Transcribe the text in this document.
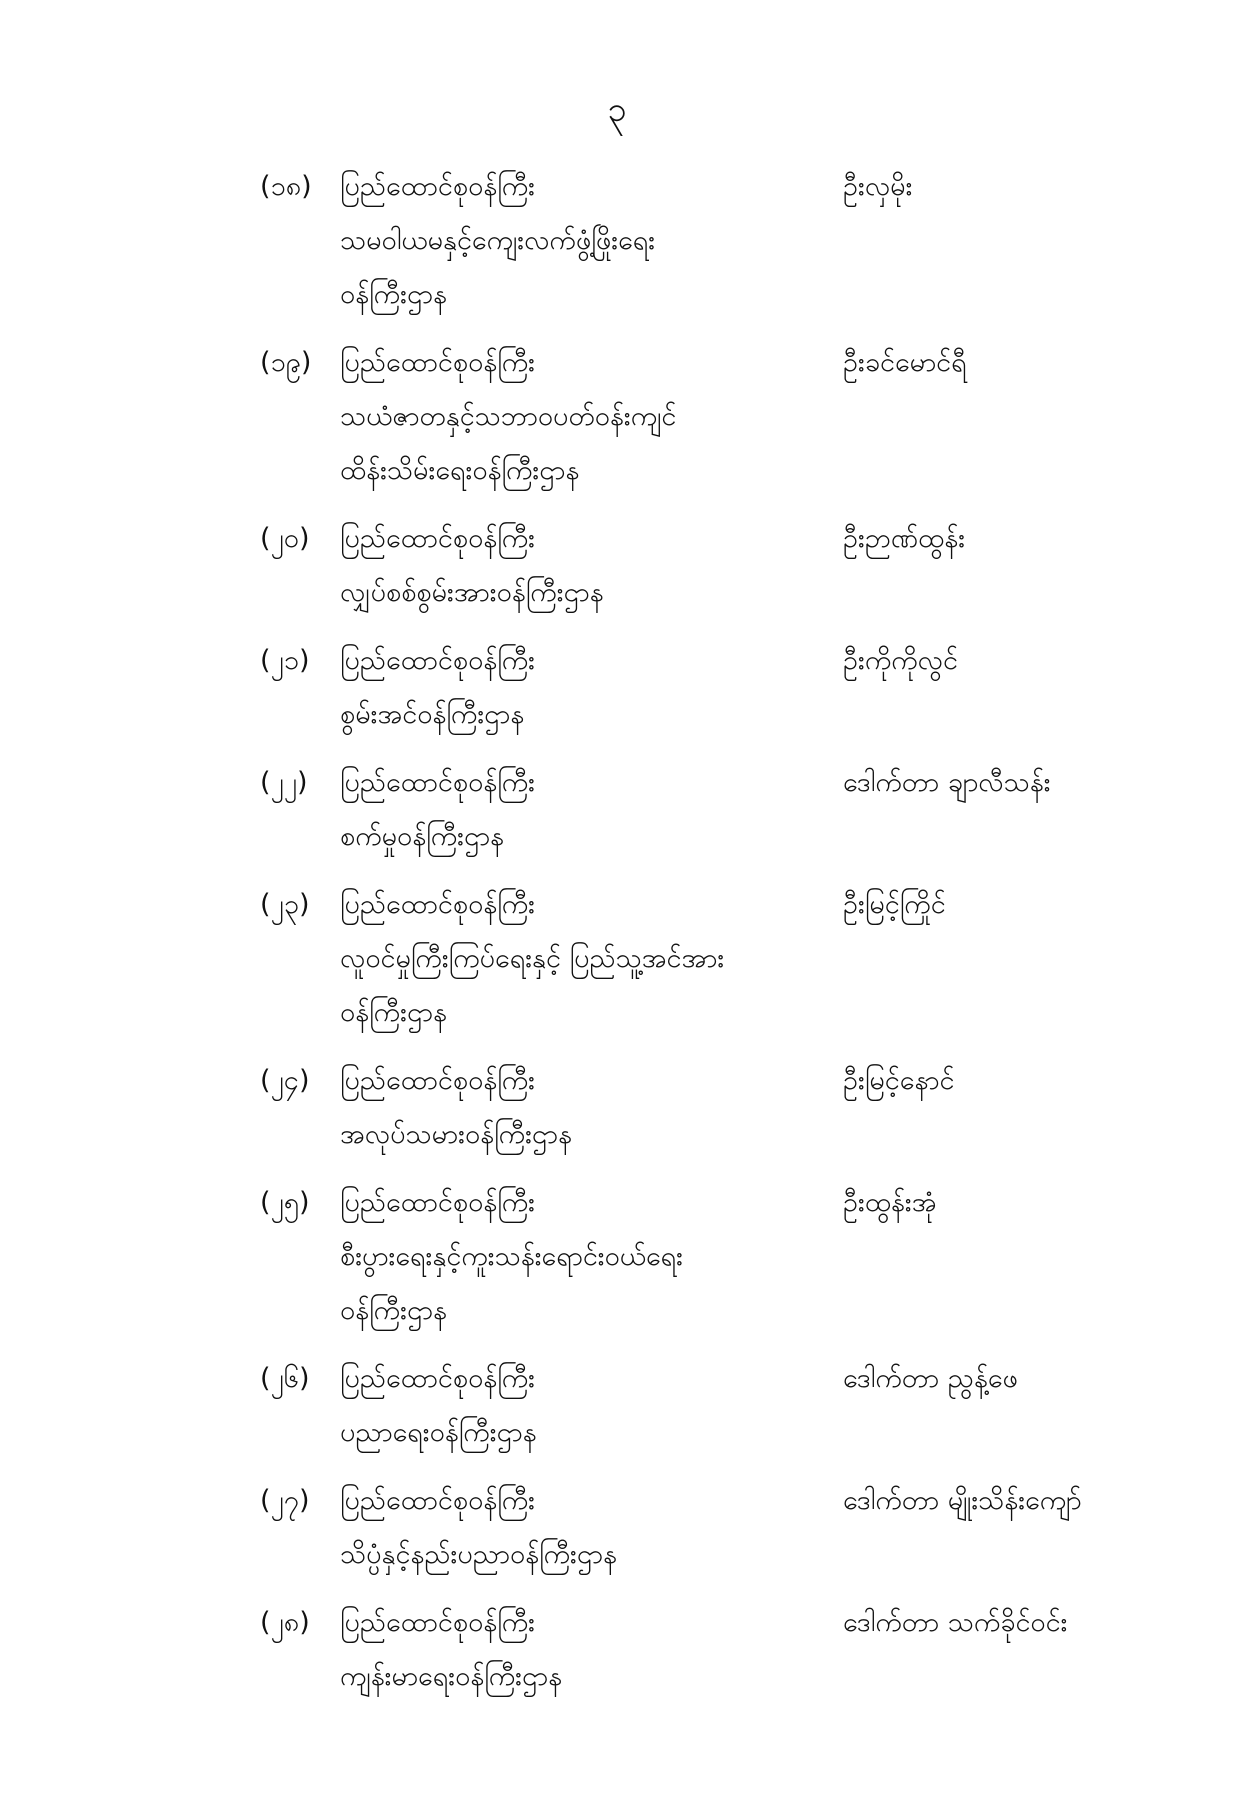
၃
(၁၈)	ပြည်ထောင်စုဝန်ကြီး
သမဝါယမနှင့်ကျေးလက်ဖွံ့ဖြိုးရေး
ဝန်ကြီးဌာန
ဦးလှမိုး
(၁၉)	ပြည်ထောင်စုဝန်ကြီး
သယံဇာတနှင့်သဘာဝပတ်ဝန်းကျင်
ထိန်းသိမ်းရေးဝန်ကြီးဌာန
ဦးခင်မောင်ရီ
(၂၀)	ပြည်ထောင်စုဝန်ကြီး
လျှပ်စစ်စွမ်းအားဝန်ကြီးဌာန
ဦးဉာဏ်ထွန်း
(၂၁)	ပြည်ထောင်စုဝန်ကြီး
စွမ်းအင်ဝန်ကြီးဌာန
ဦးကိုကိုလွင်
(၂၂)	ပြည်ထောင်စုဝန်ကြီး
စက်မှုဝန်ကြီးဌာန
ဒေါက်တာ ချာလီသန်း
(၂၃)	ပြည်ထောင်စုဝန်ကြီး
လူဝင်မှုကြီးကြပ်ရေးနှင့် ပြည်သူ့အင်အား
ဝန်ကြီးဌာန
ဦးမြင့်ကြိုင်
(၂၄)	ပြည်ထောင်စုဝန်ကြီး
အလုပ်သမားဝန်ကြီးဌာန
ဦးမြင့်နောင်
(၂၅)	ပြည်ထောင်စုဝန်ကြီး
စီးပွားရေးနှင့်ကူးသန်းရောင်းဝယ်ရေး
ဝန်ကြီးဌာန
ဦးထွန်းအုံ
(၂၆)	ပြည်ထောင်စုဝန်ကြီး
ပညာရေးဝန်ကြီးဌာန
ဒေါက်တာ ညွန့်ဖေ
(၂၇)	ပြည်ထောင်စုဝန်ကြီး
သိပ္ပံနှင့်နည်းပညာဝန်ကြီးဌာန
ဒေါက်တာ မျိုးသိန်းကျော်
(၂၈)	ပြည်ထောင်စုဝန်ကြီး
ကျန်းမာရေးဝန်ကြီးဌာန
ဒေါက်တာ သက်ခိုင်ဝင်း
